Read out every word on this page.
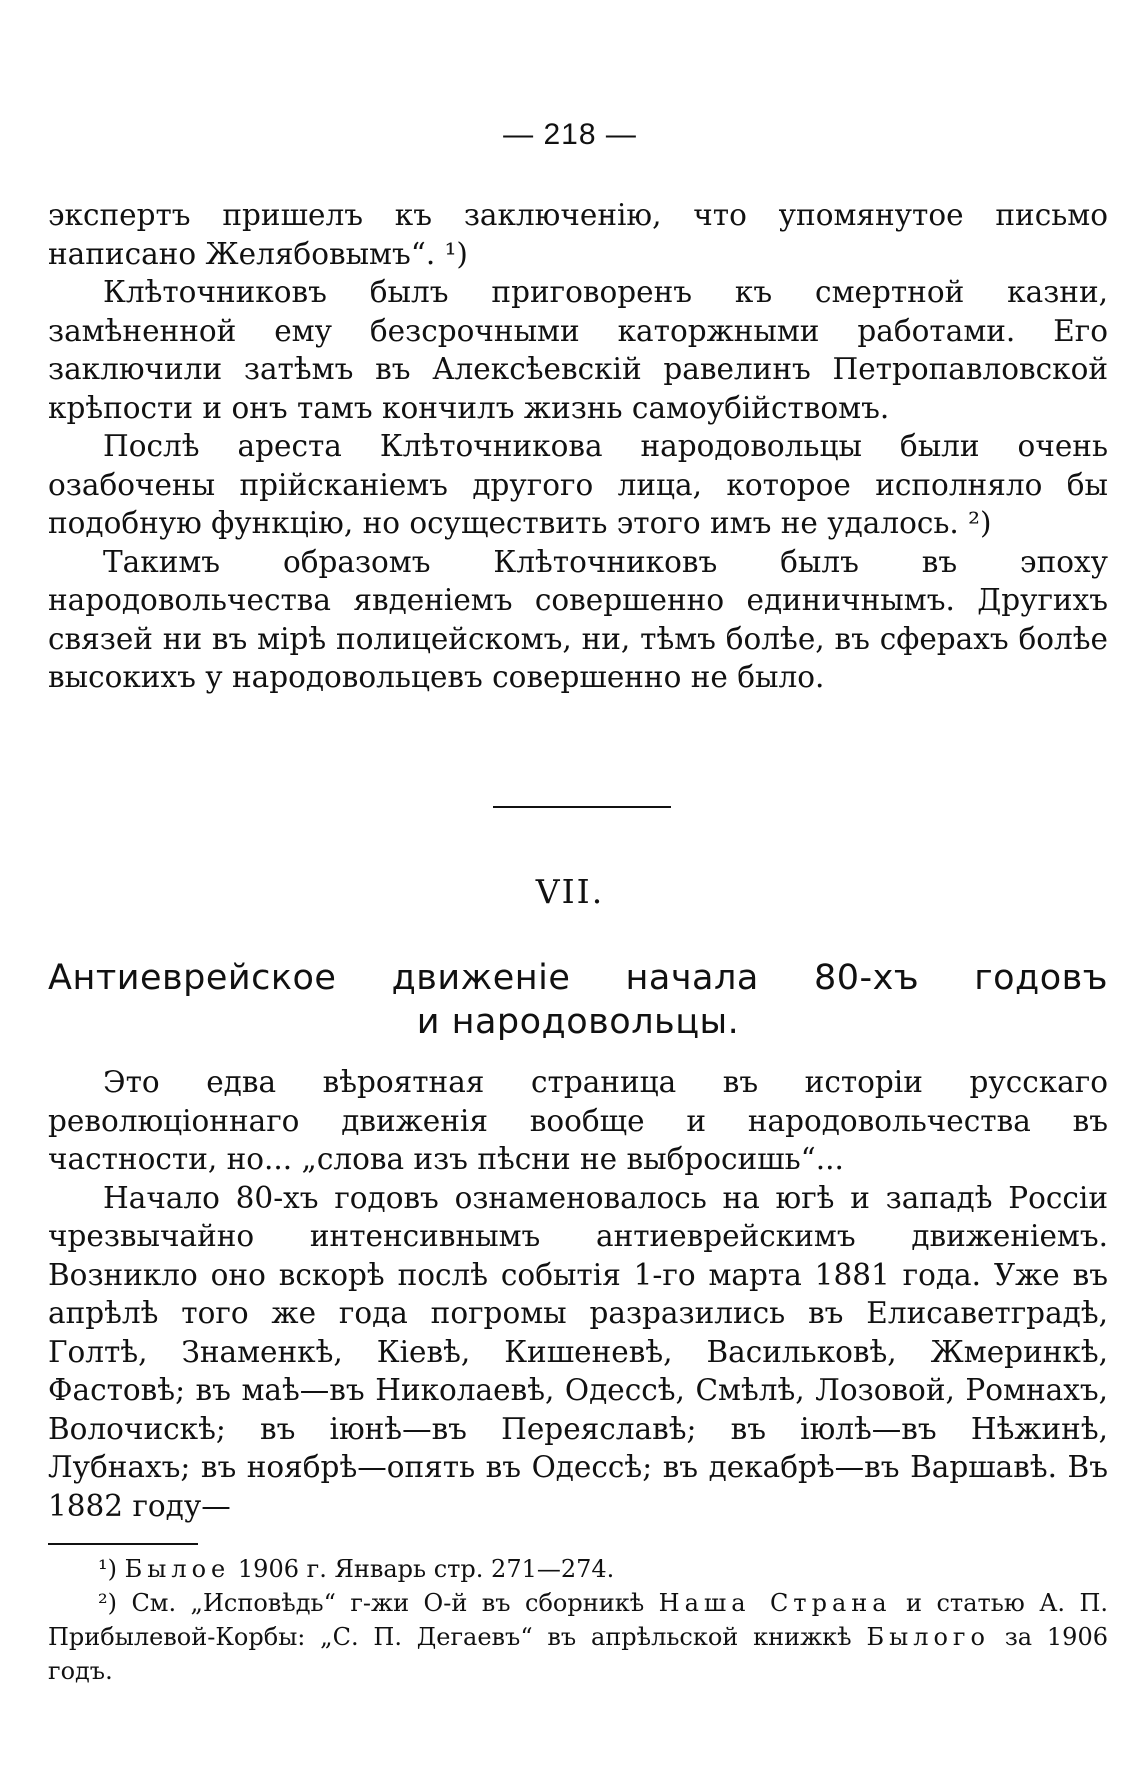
— 218 —

экспертъ пришелъ къ заключенію, что упомянутое письмо написано Желябовымъ“. ¹)

Клѣточниковъ былъ приговоренъ къ смертной казни, замѣненной ему безсрочными каторжными работами. Его заключили затѣмъ въ Алексѣевскій равелинъ Петропавловской крѣпости и онъ тамъ кончилъ жизнь самоубійствомъ.

Послѣ ареста Клѣточникова народовольцы были очень озабочены прійсканіемъ другого лица, которое исполняло бы подобную функцію, но осуществить этого имъ не удалось. ²)

Такимъ образомъ Клѣточниковъ былъ въ эпоху народовольчества явденіемъ совершенно единичнымъ. Другихъ связей ни въ мірѣ полицейскомъ, ни, тѣмъ болѣе, въ сферахъ болѣе высокихъ у народовольцевъ совершенно не было.

VII.
Антиеврейское движеніе начала 80-хъ годовъ
и народовольцы.

Это едва вѣроятная страница въ исторіи русскаго революціоннаго движенія вообще и народовольчества въ частности, но... „слова изъ пѣсни не выбросишь“...

Начало 80-хъ годовъ ознаменовалось на югѣ и западѣ Россіи чрезвычайно интенсивнымъ антиеврейскимъ движеніемъ. Возникло оно вскорѣ послѣ событія 1-го марта 1881 года. Уже въ апрѣлѣ того же года погромы разразились въ Елисаветградѣ, Голтѣ, Знаменкѣ, Кіевѣ, Кишеневѣ, Васильковѣ, Жмеринкѣ, Фастовѣ; въ маѣ—въ Николаевѣ, Одессѣ, Смѣлѣ, Лозовой, Ромнахъ, Волочискѣ; въ іюнѣ—въ Переяславѣ; въ іюлѣ—въ Нѣжинѣ, Лубнахъ; въ ноябрѣ—опять въ Одессѣ; въ декабрѣ—въ Варшавѣ. Въ 1882 году—

¹) Былое 1906 г. Январь стр. 271—274.

²) См. „Исповѣдь“ г-жи О-й въ сборникѣ Наша Страна и статью А. П. Прибылевой-Корбы: „С. П. Дегаевъ“ въ апрѣльской книжкѣ Былого за 1906 годъ.
